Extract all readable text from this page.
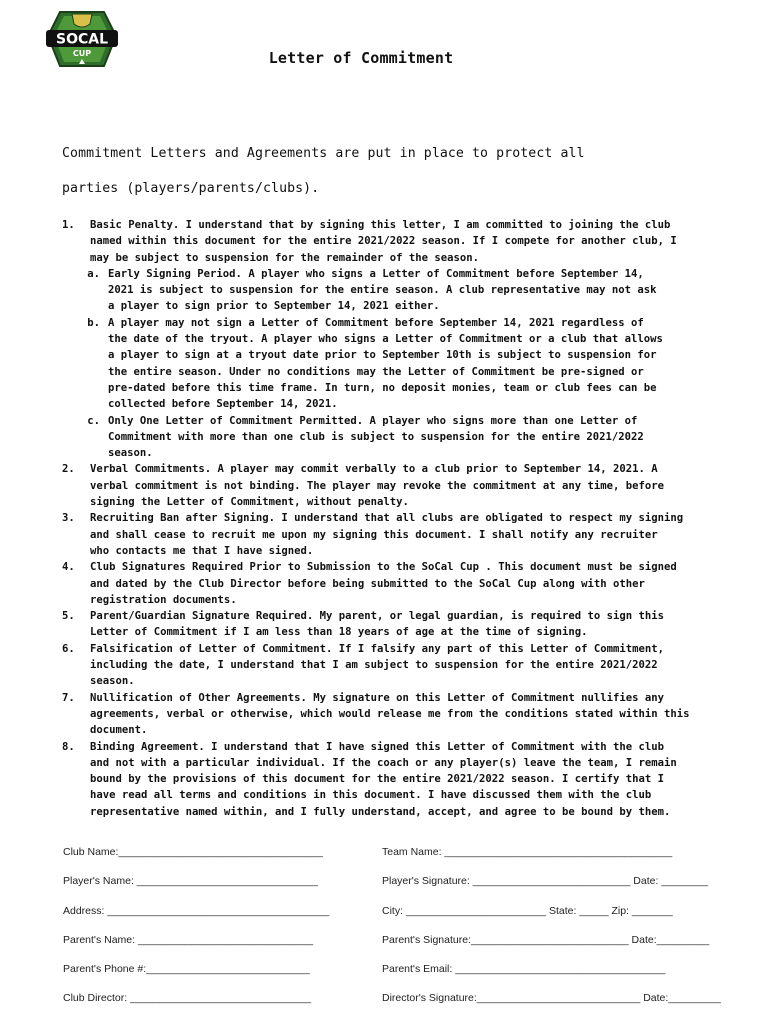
SOCAL
CUP	Letter of Commitment
Commitment Letters and Agreements are put in place to protect all
parties (players/parents/clubs).
1.	Basic Penalty. I understand that by signing this letter, I am committed to joining the club
named within this document for the entire 2021/2022 season. If I compete for another club, I
may be subject to suspension for the remainder of the season.
a. Early Signing Period. A player who signs a Letter of Commitment before September 14,
2021 is subject to suspension for the entire season. A club representative may not ask
a player to sign prior to September 14, 2021 either.
b. A player may not sign a Letter of Commitment before September 14, 2021 regardless of
the date of the tryout. A player who signs a Letter of Commitment or a club that allows
a player to sign at a tryout date prior to September 10th is subject to suspension for
the entire season. Under no conditions may the Letter of Commitment be pre-signed or
pre-dated before this time frame. In turn, no deposit monies, team or club fees can be
collected before September 14, 2021.
c. Only One Letter of Commitment Permitted. A player who signs more than one Letter of
Commitment with more than one club is subject to suspension for the entire 2021/2022
season.
2.	Verbal Commitments. A player may commit verbally to a club prior to September 14, 2021. A
verbal commitment is not binding. The player may revoke the commitment at any time, before
signing the Letter of Commitment, without penalty.
3.	Recruiting Ban after Signing. I understand that all clubs are obligated to respect my signing
and shall cease to recruit me upon my signing this document. I shall notify any recruiter
who contacts me that I have signed.
4.	Club Signatures Required Prior to Submission to the SoCal Cup . This document must be signed
and dated by the Club Director before being submitted to the SoCal Cup along with other
registration documents.
5.	Parent/Guardian Signature Required. My parent, or legal guardian, is required to sign this
Letter of Commitment if I am less than 18 years of age at the time of signing.
6.	Falsification of Letter of Commitment. If I falsify any part of this Letter of Commitment,
including the date, I understand that I am subject to suspension for the entire 2021/2022
season.
7.	Nullification of Other Agreements. My signature on this Letter of Commitment nullifies any
agreements, verbal or otherwise, which would release me from the conditions stated within this
document.
8.	Binding Agreement. I understand that I have signed this Letter of Commitment with the club
and not with a particular individual. If the coach or any player(s) leave the team, I remain
bound by the provisions of this document for the entire 2021/2022 season. I certify that I
have read all terms and conditions in this document. I have discussed them with the club
representative named within, and I fully understand, accept, and agree to be bound by them.
Club Name:___________________________________	Team Name: _______________________________________
Player's Name: _______________________________	Player's Signature: ___________________________ Date: ________
Address: ______________________________________	City: ________________________ State: _____ Zip: _______
Parent's Name: ______________________________	Parent's Signature:___________________________ Date:_________
Parent's Phone #:____________________________	Parent's Email: ____________________________________
Club Director: _______________________________	Director's Signature:____________________________ Date:_________
